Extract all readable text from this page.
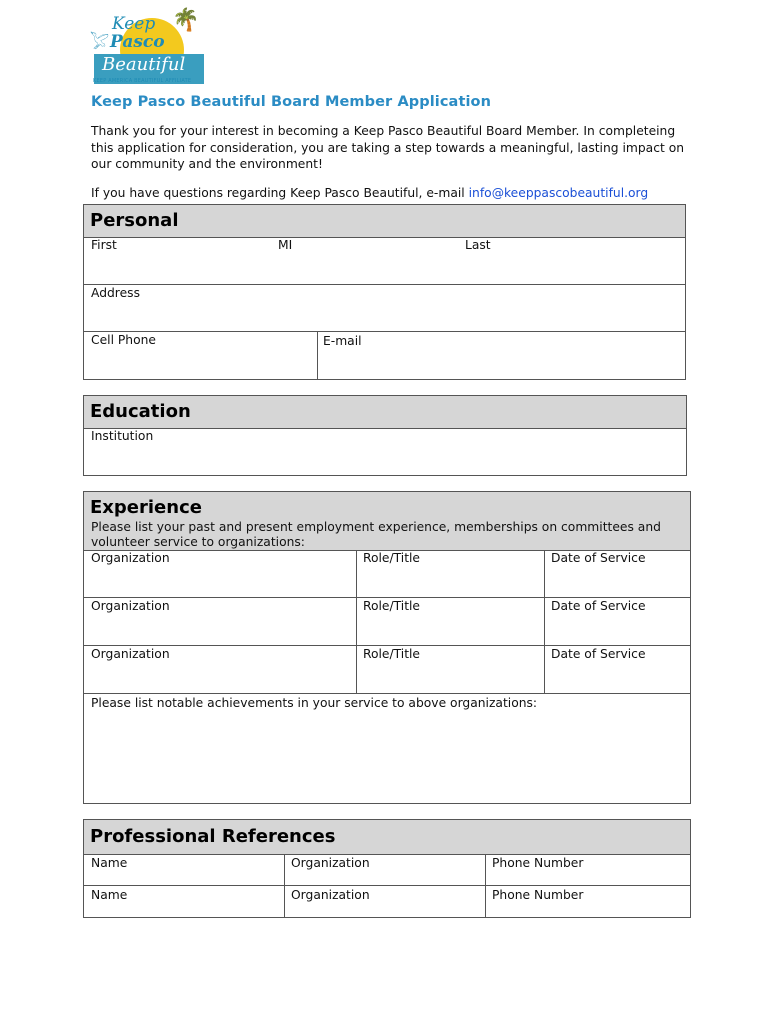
🌴
𓅯
Keep
Pasco
Beautiful
KEEP AMERICA BEAUTIFUL AFFILIATE
Keep Pasco Beautiful Board Member Application
Thank you for your interest in becoming a Keep Pasco Beautiful Board Member. In completeing this application for consideration, you are taking a step towards a meaningful, lasting impact on our community and the environment!
If you have questions regarding Keep Pasco Beautiful, e-mail info@keeppascobeautiful.org
Personal
First	MI	Last
Address
Cell Phone	E-mail
Education
Institution
Experience
Please list your past and present employment experience, memberships on committees and volunteer service to organizations:
Organization	Role/Title	Date of Service
Organization	Role/Title	Date of Service
Organization	Role/Title	Date of Service
Please list notable achievements in your service to above organizations:
Professional References
Name	Organization	Phone Number
Name	Organization	Phone Number
